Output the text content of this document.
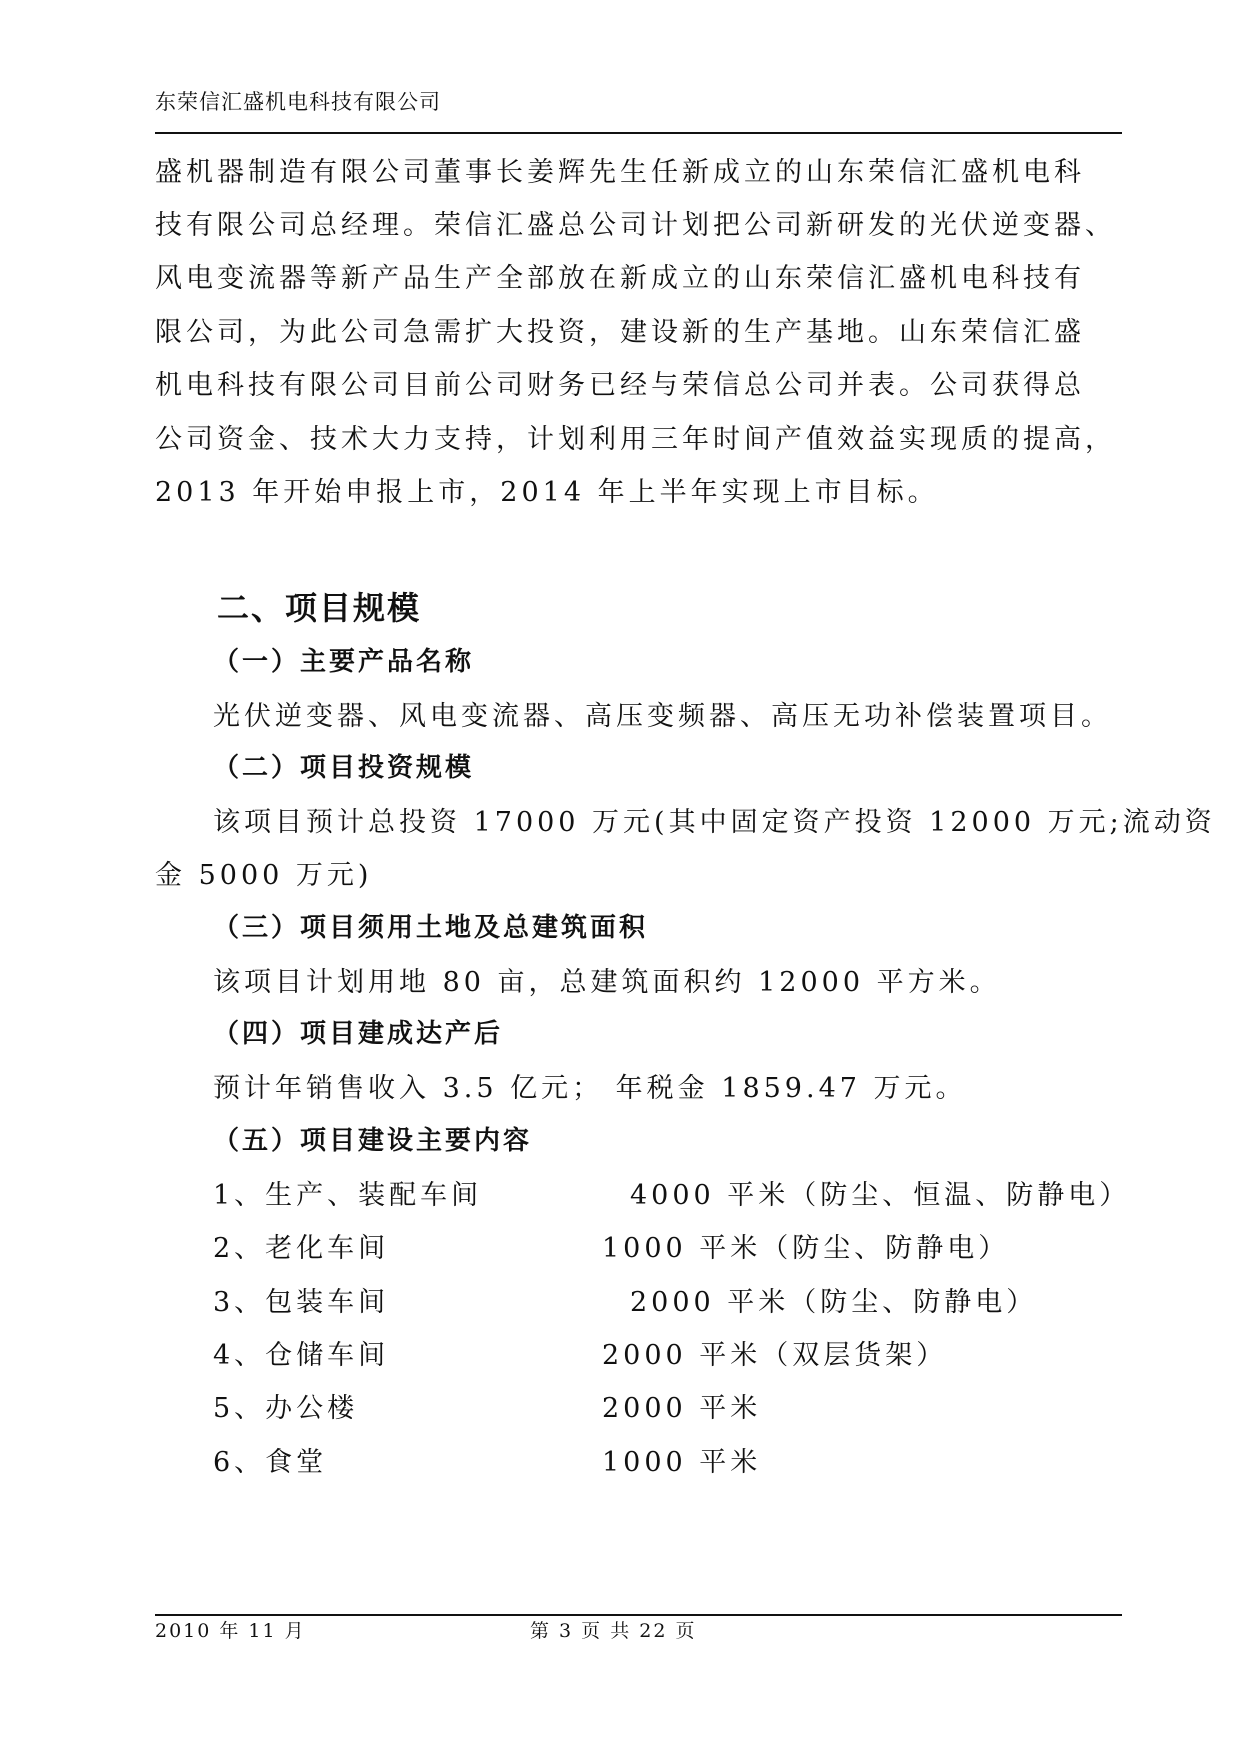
东荣信汇盛机电科技有限公司
盛机器制造有限公司董事长姜辉先生任新成立的山东荣信汇盛机电科
技有限公司总经理。荣信汇盛总公司计划把公司新研发的光伏逆变器、
风电变流器等新产品生产全部放在新成立的山东荣信汇盛机电科技有
限公司，为此公司急需扩大投资，建设新的生产基地。山东荣信汇盛
机电科技有限公司目前公司财务已经与荣信总公司并表。公司获得总
公司资金、技术大力支持，计划利用三年时间产值效益实现质的提高，
2013 年开始申报上市，2014 年上半年实现上市目标。
二、项目规模
（一）主要产品名称
光伏逆变器、风电变流器、高压变频器、高压无功补偿装置项目。
（二）项目投资规模
该项目预计总投资 17000 万元(其中固定资产投资 12000 万元;流动资
金 5000 万元)
（三）项目须用土地及总建筑面积
该项目计划用地 80 亩，总建筑面积约 12000 平方米。
（四）项目建成达产后
预计年销售收入 3.5 亿元； 年税金 1859.47 万元。
（五）项目建设主要内容
1、生产、装配车间	4000 平米（防尘、恒温、防静电）
2、老化车间	1000 平米（防尘、防静电）
3、包装车间	2000 平米（防尘、防静电）
4、仓储车间	2000 平米（双层货架）
5、办公楼	2000 平米
6、食堂	1000 平米
2010 年 11 月	第 3 页 共 22 页
